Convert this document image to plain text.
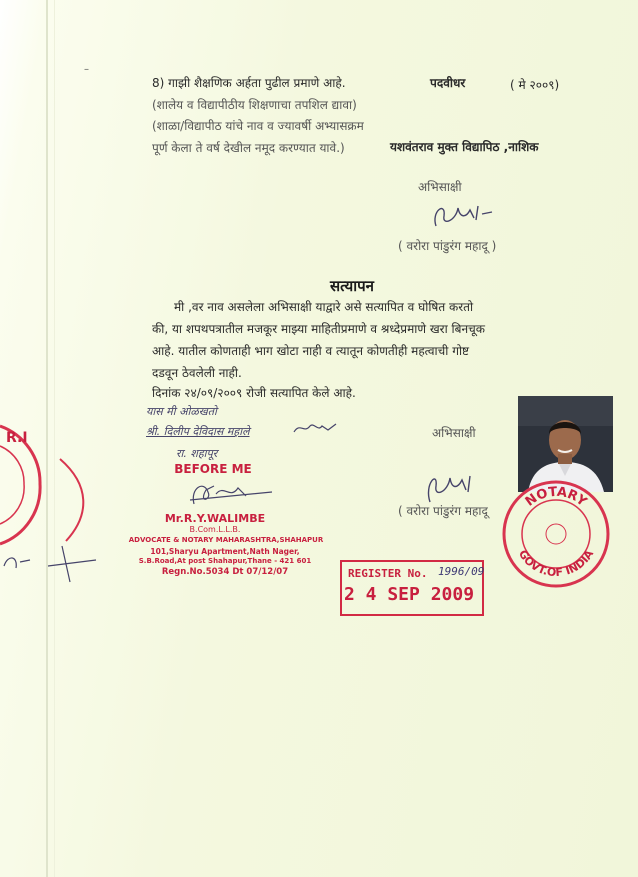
–
8) गाझी शैक्षणिक अर्हता पुढील प्रमाणे आहे.
(शालेय व विद्यापीठीय शिक्षणाचा तपशिल द्यावा)
(शाळा/विद्यापीठ यांचे नाव व ज्यावर्षी अभ्यासक्रम
पूर्ण केला ते वर्ष देखील नमूद करण्यात यावे.)
पदवीधर	( मे २००९)
यशवंतराव मुक्त विद्यापिठ ,नाशिक
अभिसाक्षी
( वरोरा पांडुरंग महादू )
सत्यापन
मी ,वर नाव असलेला अभिसाक्षी याद्वारे असे सत्यापित व घोषित करतो
की, या शपथपत्रातील मजकूर माझ्या माहितीप्रमाणे व श्रध्देप्रमाणे खरा बिनचूक
आहे. यातील कोणताही भाग खोटा नाही व त्यातून कोणतीही महत्वाची गोष्ट
दडवून ठेवलेली नाही.
दिनांक २४/०९/२००९ रोजी सत्यापित केले आहे.
यास मी ओळखतो
श्री. दिलीप देविदास महाले
रा. शहापूर
अभिसाक्षी
( वरोरा पांडुरंग महादू
BEFORE ME
Mr.R.Y.WALIMBE
B.Com.L.L.B.
ADVOCATE & NOTARY MAHARASHTRA,SHAHAPUR
101,Sharyu Apartment,Nath Nager,
S.B.Road,At post Shahapur,Thane - 421 601
Regn.No.5034 Dt 07/12/07	REGISTER No. 1996/09
2 4 SEP 2009
NOTARY
GOVT.OF INDIA
R.I
